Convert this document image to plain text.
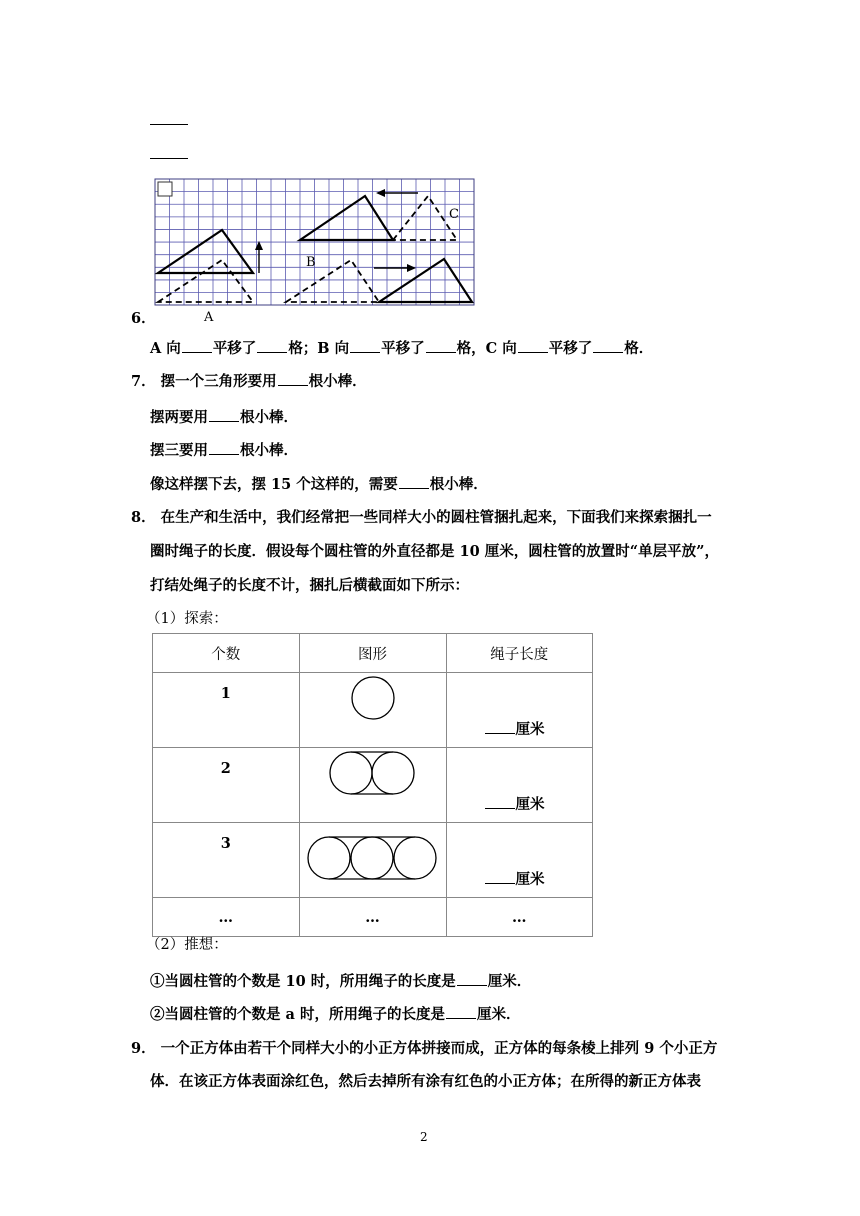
B
C
A
6．
A 向 平移了 格；B 向 平移了 格，C 向 平移了 格．
7． 摆一个三角形要用 根小棒．
摆两要用 根小棒．
摆三要用 根小棒．
像这样摆下去，摆 15 个这样的，需要 根小棒．
8． 在生产和生活中，我们经常把一些同样大小的圆柱管捆扎起来，下面我们来探索捆扎一
圈时绳子的长度．假设每个圆柱管的外直径都是 10 厘米，圆柱管的放置时“单层平放”，
打结处绳子的长度不计，捆扎后横截面如下所示：
（1）探索：
个数	图形	绳子长度
1		厘米

2		厘米

3		厘米

…	…	…
（2）推想：
①当圆柱管的个数是 10 时，所用绳子的长度是 厘米．
②当圆柱管的个数是 a 时，所用绳子的长度是 厘米．
9． 一个正方体由若干个同样大小的小正方体拼接而成，正方体的每条棱上排列 9 个小正方
体．在该正方体表面涂红色，然后去掉所有涂有红色的小正方体；在所得的新正方体表
2
